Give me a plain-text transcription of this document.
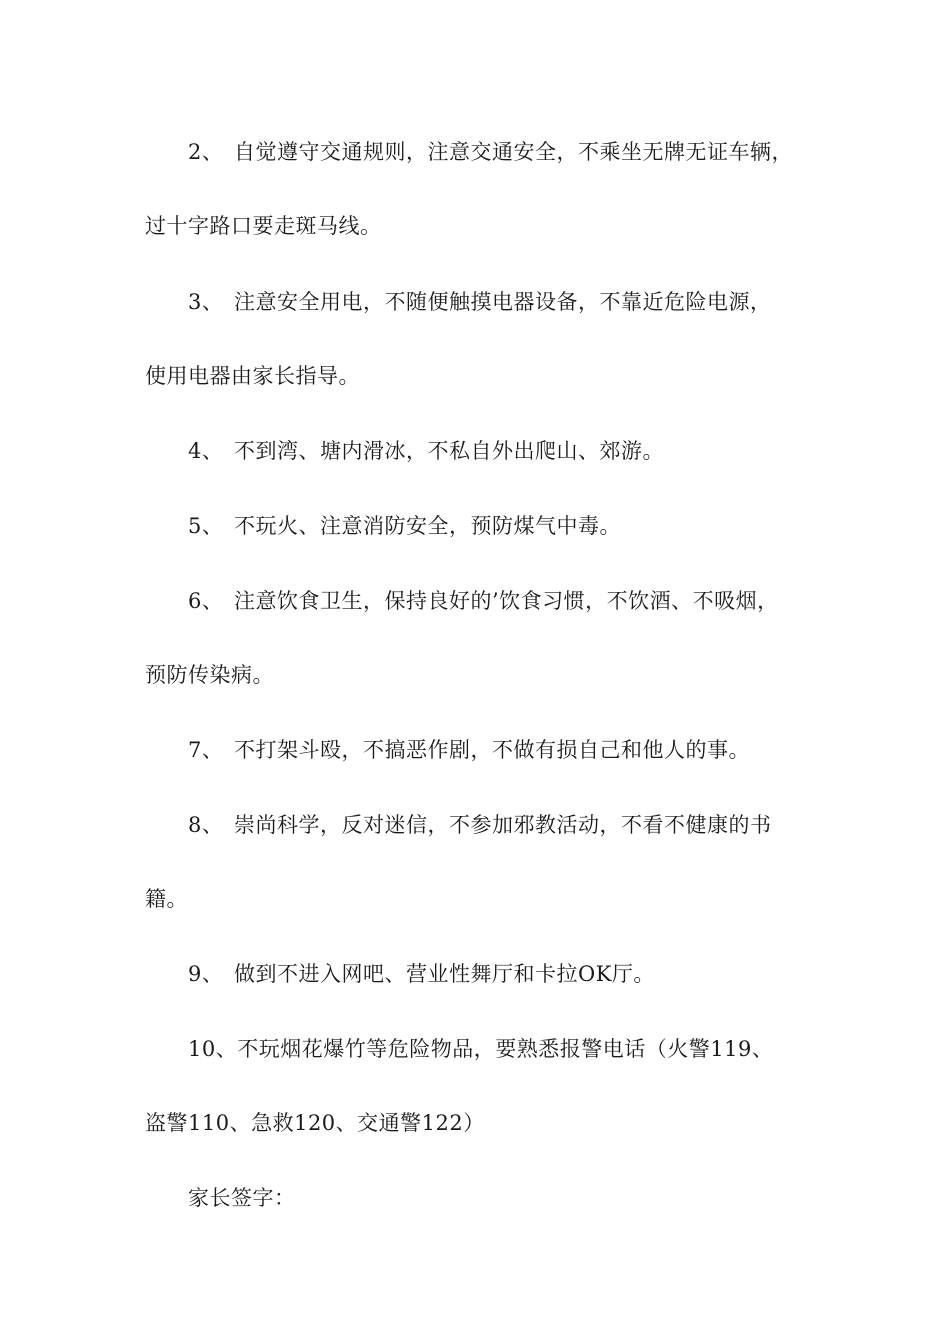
2、 自觉遵守交通规则，注意交通安全，不乘坐无牌无证车辆，
过十字路口要走斑马线。
3、 注意安全用电，不随便触摸电器设备，不靠近危险电源，
使用电器由家长指导。
4、 不到湾、塘内滑冰，不私自外出爬山、郊游。
5、 不玩火、注意消防安全，预防煤气中毒。
6、 注意饮食卫生，保持良好的’饮食习惯，不饮酒、不吸烟，
预防传染病。
7、 不打架斗殴，不搞恶作剧，不做有损自己和他人的事。
8、 崇尚科学，反对迷信，不参加邪教活动，不看不健康的书
籍。
9、 做到不进入网吧、营业性舞厅和卡拉OK厅。
10、不玩烟花爆竹等危险物品，要熟悉报警电话（火警119、
盗警110、急救120、交通警122）
家长签字：
